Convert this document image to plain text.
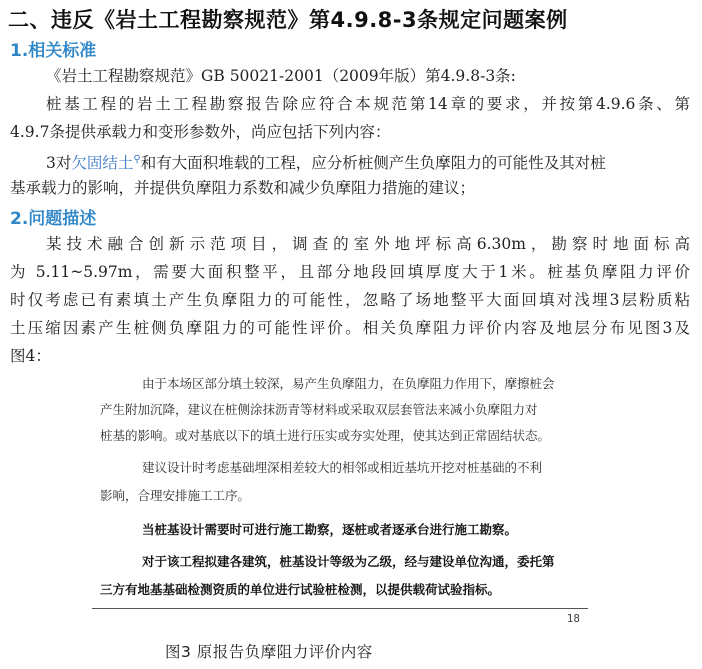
二、违反《岩土工程勘察规范》第4.9.8-3条规定问题案例
1.相关标准

《岩土工程勘察规范》GB 50021-2001（2009年版）第4.9.8-3条:

桩基工程的岩土工程勘察报告除应符合本规范第14章的要求，并按第4.9.6条、第

4.9.7条提供承载力和变形参数外，尚应包括下列内容：

3对欠固结土⚲和有大面积堆载的工程，应分析桩侧产生负摩阻力的可能性及其对桩

基承载力的影响，并提供负摩阻力系数和减少负摩阻力措施的建议；

2.问题描述

某技术融合创新示范项目，调查的室外地坪标高6.30m，勘察时地面标高

为 5.11~5.97m，需要大面积整平，且部分地段回填厚度大于1米。桩基负摩阻力评价

时仅考虑已有素填土产生负摩阻力的可能性，忽略了场地整平大面回填对浅埋3层粉质粘

土压缩因素产生桩侧负摩阻力的可能性评价。相关负摩阻力评价内容及地层分布见图3及

图4：

由于本场区部分填土较深，易产生负摩阻力，在负摩阻力作用下，摩擦桩会

产生附加沉降，建议在桩侧涂抹沥青等材料或采取双层套管法来减小负摩阻力对

桩基的影响。或对基底以下的填土进行压实或夯实处理，使其达到正常固结状态。

建议设计时考虑基础埋深相差较大的相邻或相近基坑开挖对桩基础的不利

影响，合理安排施工工序。

当桩基设计需要时可进行施工勘察，逐桩或者逐承台进行施工勘察。

对于该工程拟建各建筑，桩基设计等级为乙级，经与建设单位沟通，委托第

三方有地基基础检测资质的单位进行试验桩检测，以提供载荷试验指标。

18
图3 原报告负摩阻力评价内容
